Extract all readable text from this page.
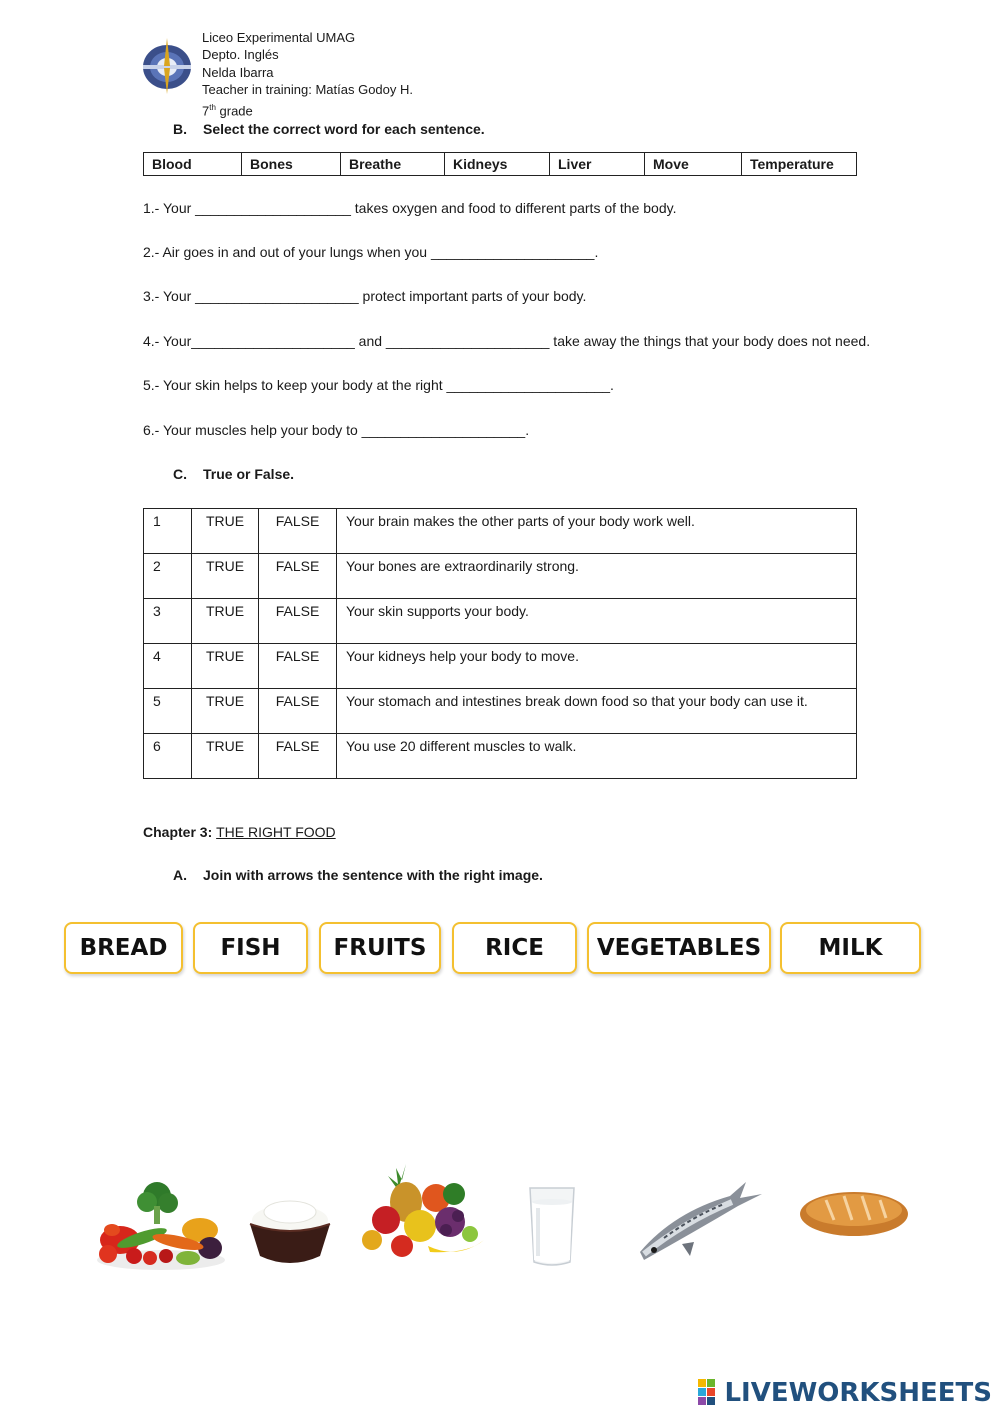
Liceo Experimental UMAG
Depto. Inglés
Nelda Ibarra
Teacher in training: Matías Godoy H.
7th grade
B. Select the correct word for each sentence.
Blood	Bones	Breathe	Kidneys	Liver	Move	Temperature
1.- Your ____________________ takes oxygen and food to different parts of the body.
2.- Air goes in and out of your lungs when you _____________________.
3.- Your _____________________ protect important parts of your body.
4.- Your_____________________ and _____________________ take away the things that your body does not need.
5.- Your skin helps to keep your body at the right _____________________.
6.- Your muscles help your body to _____________________.
C. True or False.
1	TRUE	FALSE	Your brain makes the other parts of your body work well.
2	TRUE	FALSE	Your bones are extraordinarily strong.
3	TRUE	FALSE	Your skin supports your body.
4	TRUE	FALSE	Your kidneys help your body to move.
5	TRUE	FALSE	Your stomach and intestines break down food so that your body can use it.
6	TRUE	FALSE	You use 20 different muscles to walk.
Chapter 3: THE RIGHT FOOD
A. Join with arrows the sentence with the right image.
BREAD	FISH	FRUITS	RICE	VEGETABLES	MILK
LIVEWORKSHEETS
